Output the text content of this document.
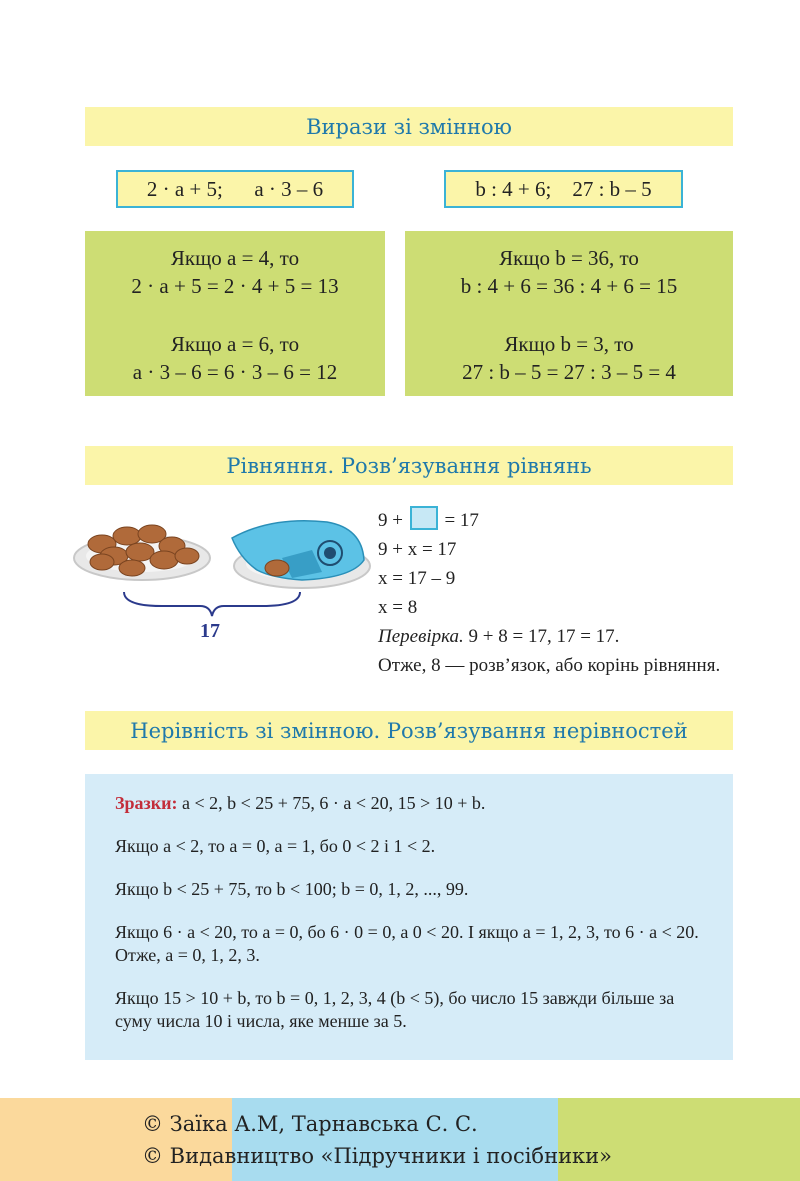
Вирази зі змінною
2 · a + 5;      a · 3 – 6	b : 4 + 6;    27 : b – 5
Якщо a = 4, то
2 · a + 5 = 2 · 4 + 5 = 13
Якщо a = 6, то
a · 3 – 6 = 6 · 3 – 6 = 12
Якщо b = 36, то
b : 4 + 6 = 36 : 4 + 6 = 15
Якщо b = 3, то
27 : b – 5 = 27 : 3 – 5 = 4
Рівняння. Розв’язування рівнянь
17
9 + = 17
9 + x = 17
x = 17 – 9
x = 8
Перевірка. 9 + 8 = 17, 17 = 17.
Отже, 8 — розв’язок, або корінь рівняння.
Нерівність зі змінною. Розв’язування нерівностей

Зразки: a < 2, b < 25 + 75, 6 · a < 20, 15 > 10 + b.

Якщо a < 2, то a = 0, a = 1, бо 0 < 2 і 1 < 2.

Якщо b < 25 + 75, то b < 100; b = 0, 1, 2, ..., 99.

Якщо 6 · a < 20, то a = 0, бо 6 · 0 = 0, а 0 < 20. І якщо a = 1, 2, 3, то 6 · a < 20. Отже, a = 0, 1, 2, 3.

Якщо 15 > 10 + b, то b = 0, 1, 2, 3, 4 (b < 5), бо число 15 завжди більше за суму числа 10 і числа, яке менше за 5.

© Заїка А.М, Тарнавська С. С.
© Видавництво «Підручники і посібники»
